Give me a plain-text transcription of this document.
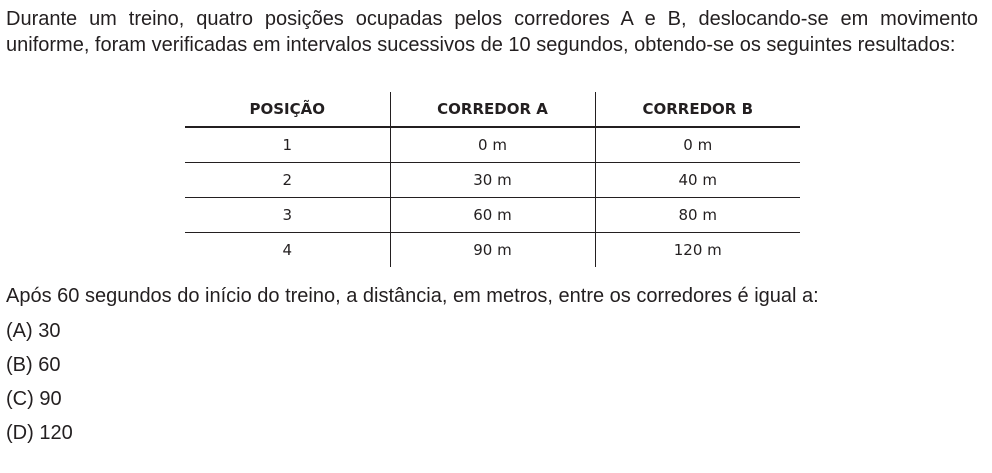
Durante um treino, quatro posições ocupadas pelos corredores A e B, deslocando-se em movimento uniforme, foram verificadas em intervalos sucessivos de 10 segundos, obtendo-se os seguintes resultados:

POSIÇÃO	CORREDOR A	CORREDOR B
1	0 m	0 m
2	30 m	40 m
3	60 m	80 m
4	90 m	120 m

Após 60 segundos do início do treino, a distância, em metros, entre os corredores é igual a:

(A) 30
(B) 60
(C) 90
(D) 120
